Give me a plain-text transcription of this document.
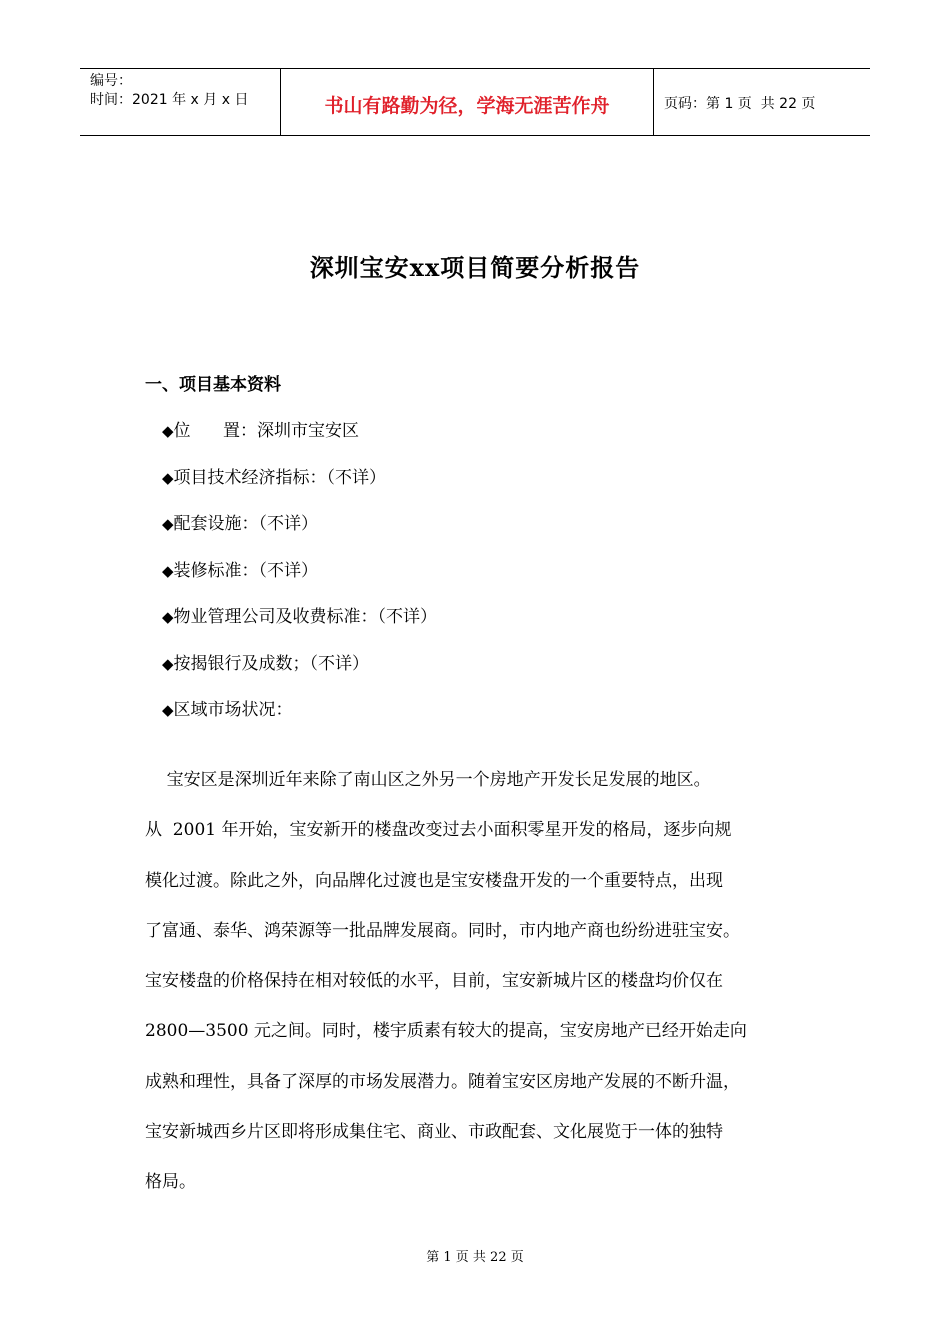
编号：
时间：2021 年 x 月 x 日	书山有路勤为径，学海无涯苦作舟	页码：第 1 页  共 22 页
深圳宝安xx项目简要分析报告
一、项目基本资料
◆位      置：深圳市宝安区
◆项目技术经济指标：（不详）
◆配套设施：（不详）
◆装修标准：（不详）
◆物业管理公司及收费标准：（不详）
◆按揭银行及成数；（不详）
◆区域市场状况：
宝安区是深圳近年来除了南山区之外另一个房地产开发长足发展的地区。
从  2001 年开始，宝安新开的楼盘改变过去小面积零星开发的格局，逐步向规
模化过渡。除此之外，向品牌化过渡也是宝安楼盘开发的一个重要特点，出现
了富通、泰华、鸿荣源等一批品牌发展商。同时，市内地产商也纷纷进驻宝安。
宝安楼盘的价格保持在相对较低的水平，目前，宝安新城片区的楼盘均价仅在
2800—3500 元之间。同时，楼宇质素有较大的提高，宝安房地产已经开始走向
成熟和理性，具备了深厚的市场发展潜力。随着宝安区房地产发展的不断升温，
宝安新城西乡片区即将形成集住宅、商业、市政配套、文化展览于一体的独特
格局。
第 1 页 共 22 页
